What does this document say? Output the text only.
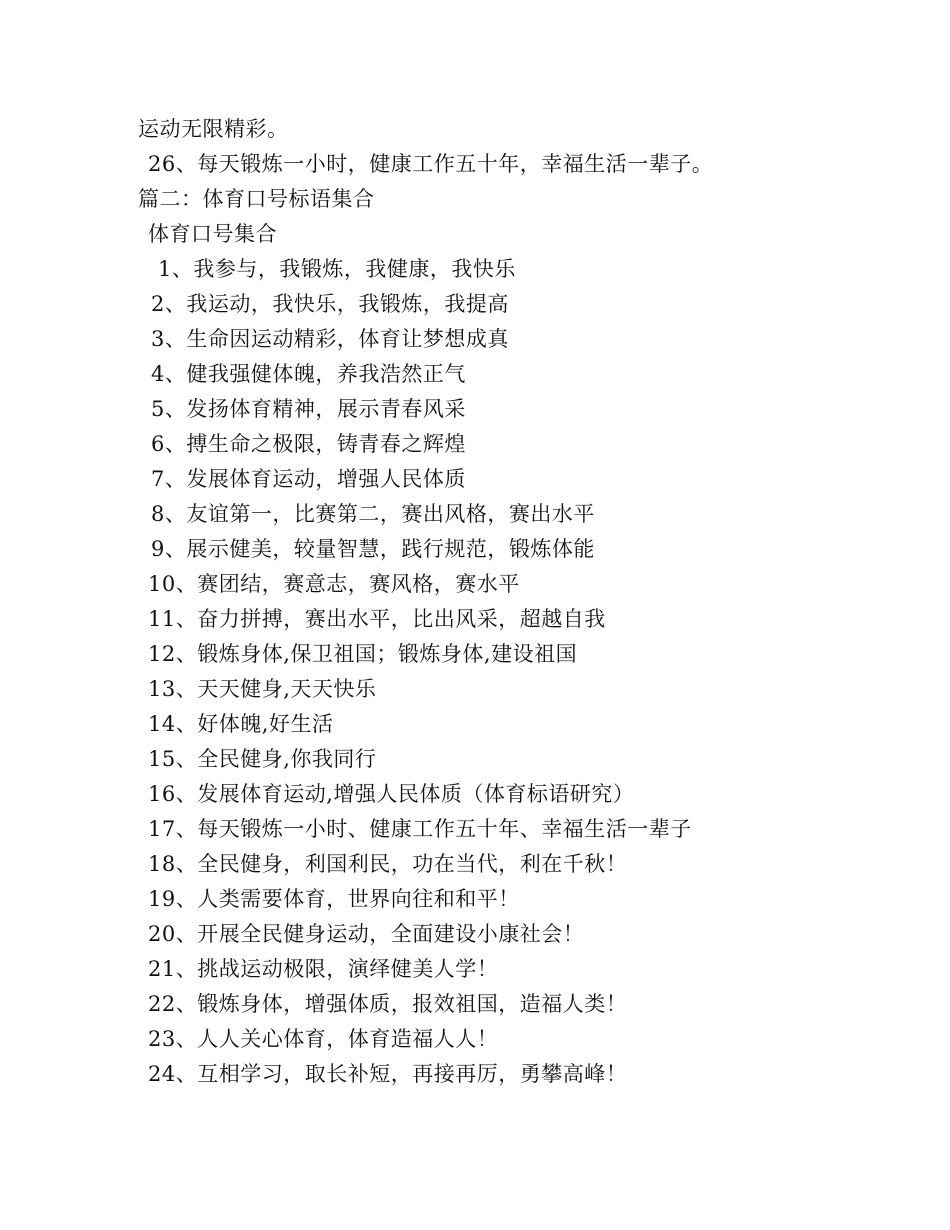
运动无限精彩。
26、每天锻炼一小时，健康工作五十年，幸福生活一辈子。
篇二：体育口号标语集合
体育口号集合
1、我参与，我锻炼，我健康，我快乐
2、我运动，我快乐，我锻炼，我提高
3、生命因运动精彩，体育让梦想成真
4、健我强健体魄，养我浩然正气
5、发扬体育精神，展示青春风采
6、搏生命之极限，铸青春之辉煌
7、发展体育运动，增强人民体质
8、友谊第一，比赛第二，赛出风格，赛出水平
9、展示健美，较量智慧，践行规范，锻炼体能
10、赛团结，赛意志，赛风格，赛水平
11、奋力拼搏，赛出水平，比出风采，超越自我
12、锻炼身体,保卫祖国；锻炼身体,建设祖国
13、天天健身,天天快乐
14、好体魄,好生活
15、全民健身,你我同行
16、发展体育运动,增强人民体质（体育标语研究）
17、每天锻炼一小时、健康工作五十年、幸福生活一辈子
18、全民健身，利国利民，功在当代，利在千秋！
19、人类需要体育，世界向往和和平！
20、开展全民健身运动，全面建设小康社会！
21、挑战运动极限，演绎健美人学！
22、锻炼身体，增强体质，报效祖国，造福人类！
23、人人关心体育，体育造福人人！
24、互相学习，取长补短，再接再厉，勇攀高峰！
